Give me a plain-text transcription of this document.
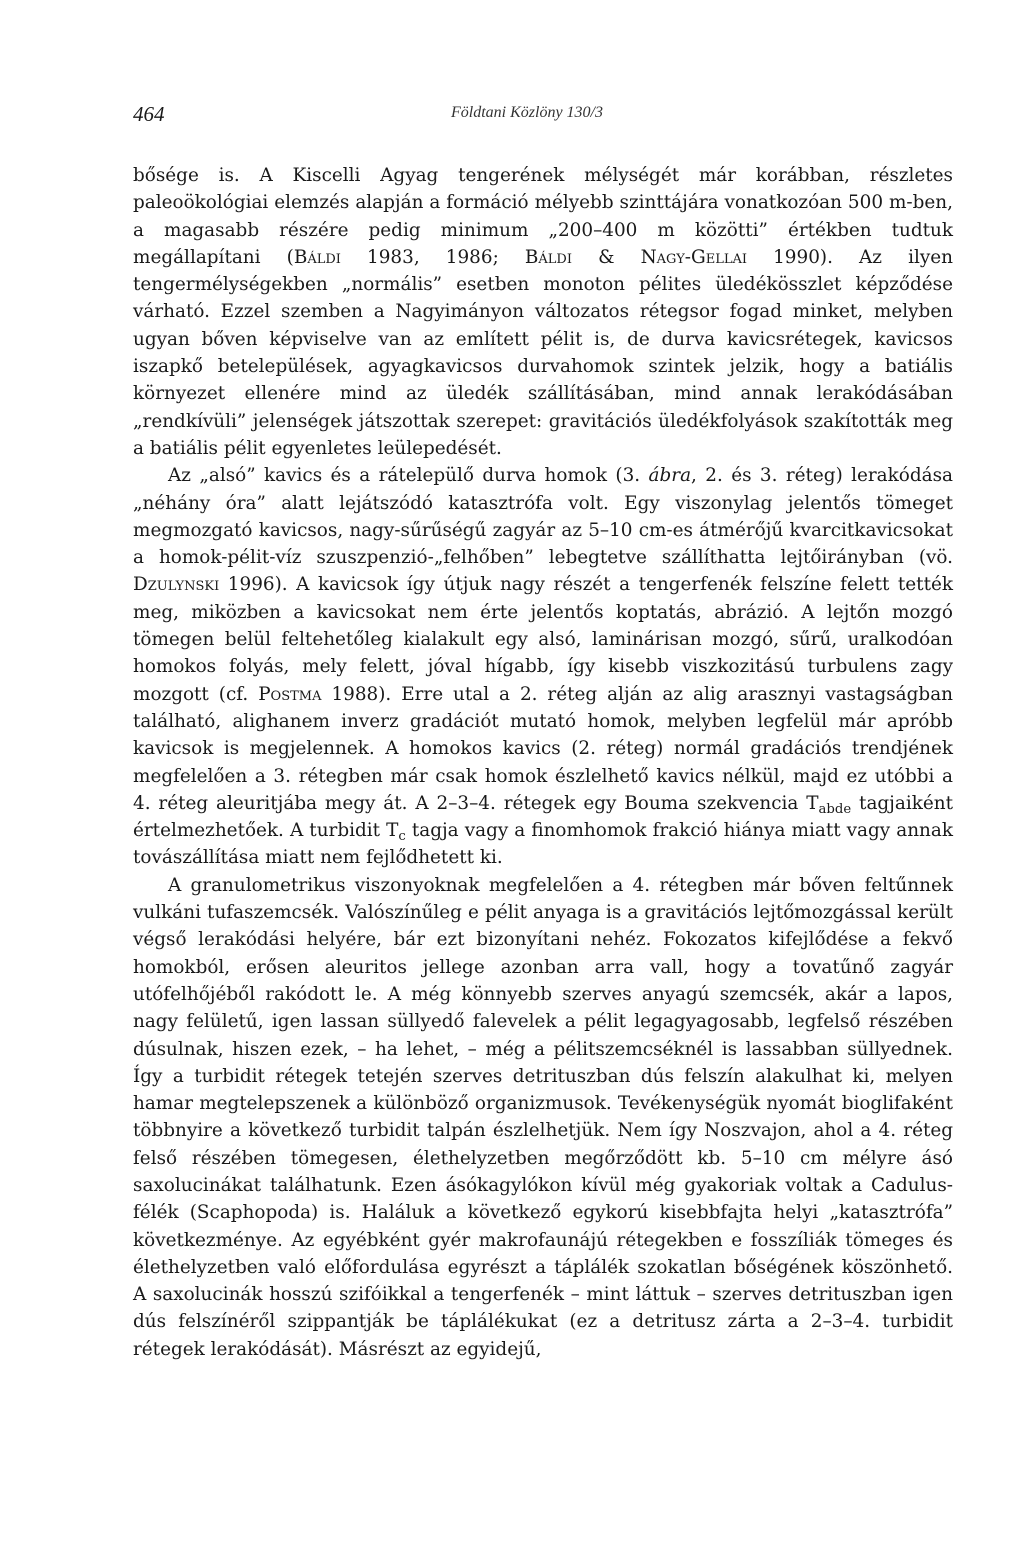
464	Földtani Közlöny 130/3

bősége is. A Kiscelli Agyag tengerének mélységét már korábban, részletes paleoökológiai elemzés alapján a formáció mélyebb szinttájára vonatkozóan 500 m-ben, a magasabb részére pedig minimum „200–400 m közötti” értékben tudtuk megállapítani (Báldi 1983, 1986; Báldi & Nagy-Gellai 1990). Az ilyen tengermélységekben „normális” esetben monoton pélites üledékösszlet képződése várható. Ezzel szemben a Nagyimányon változatos rétegsor fogad minket, melyben ugyan bőven képviselve van az említett pélit is, de durva kavicsrétegek, kavicsos iszapkő betelepülések, agyagkavicsos durvahomok szintek jelzik, hogy a batiális környezet ellenére mind az üledék szállításában, mind annak lerakódásában „rendkívüli” jelenségek játszottak szerepet: gravitációs üledékfolyások szakították meg a batiális pélit egyenletes leülepedését.

Az „alsó” kavics és a rátelepülő durva homok (3. ábra, 2. és 3. réteg) lerakódása „néhány óra” alatt lejátszódó katasztrófa volt. Egy viszonylag jelentős tömeget megmozgató kavicsos, nagy-sűrűségű zagyár az 5–10 cm-es átmérőjű kvarcitkavicsokat a homok-pélit-víz szuszpenzió-„felhőben” lebegtetve szállíthatta lejtőirányban (vö. Dzulynski 1996). A kavicsok így útjuk nagy részét a tengerfenék felszíne felett tették meg, miközben a kavicsokat nem érte jelentős koptatás, abrázió. A lejtőn mozgó tömegen belül feltehetőleg kialakult egy alsó, laminárisan mozgó, sűrű, uralkodóan homokos folyás, mely felett, jóval hígabb, így kisebb viszkozitású turbulens zagy mozgott (cf. Postma 1988). Erre utal a 2. réteg alján az alig arasznyi vastagságban található, alighanem inverz gradációt mutató homok, melyben legfelül már apróbb kavicsok is megjelennek. A homokos kavics (2. réteg) normál gradációs trendjének megfelelően a 3. rétegben már csak homok észlelhető kavics nélkül, majd ez utóbbi a 4. réteg aleuritjába megy át. A 2–3–4. rétegek egy Bouma szekvencia $T_{abde}$ tagjaiként értelmezhetőek. A turbidit $T_c$ tagja vagy a finomhomok frakció hiánya miatt vagy annak továszállítása miatt nem fejlődhetett ki.

A granulometrikus viszonyoknak megfelelően a 4. rétegben már bőven feltűnnek vulkáni tufaszemcsék. Valószínűleg e pélit anyaga is a gravitációs lejtőmozgással került végső lerakódási helyére, bár ezt bizonyítani nehéz. Fokozatos kifejlődése a fekvő homokból, erősen aleuritos jellege azonban arra vall, hogy a tovatűnő zagyár utófelhőjéből rakódott le. A még könnyebb szerves anyagú szemcsék, akár a lapos, nagy felületű, igen lassan süllyedő falevelek a pélit legagyagosabb, legfelső részében dúsulnak, hiszen ezek, – ha lehet, – még a pélitszemcséknél is lassabban süllyednek. Így a turbidit rétegek tetején szerves detrituszban dús felszín alakulhat ki, melyen hamar megtelepszenek a különböző organizmusok. Tevékenységük nyomát bioglifaként többnyire a következő turbidit talpán észlelhetjük. Nem így Noszvajon, ahol a 4. réteg felső részében tömegesen, élethelyzetben megőrződött kb. 5–10 cm mélyre ásó saxolucinákat találhatunk. Ezen ásókagylókon kívül még gyakoriak voltak a Cadulus-félék (Scaphopoda) is. Haláluk a következő egykorú kisebbfajta helyi „katasztrófa” következménye. Az egyébként gyér makrofaunájú rétegekben e fosszíliák tömeges és élethelyzetben való előfordulása egyrészt a táplálék szokatlan bőségének köszönhető. A saxolucinák hosszú szifóikkal a tengerfenék – mint láttuk – szerves detrituszban igen dús felszínéről szippantják be táplálékukat (ez a detritusz zárta a 2–3–4. turbidit rétegek lerakódását). Másrészt az egyidejű,
